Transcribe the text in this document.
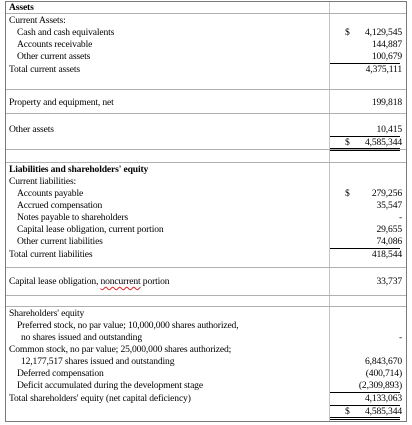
Assets
Current Assets:
Cash and cash equivalents	$ 4,129,545
Accounts receivable	144,887
Other current assets	100,679
Total current assets	4,375,111
Property and equipment, net	199,818
Other assets	10,415
$ 4,585,344
Liabilities and shareholders' equity
Current liabilities:
Accounts payable	$ 279,256
Accrued compensation	35,547
Notes payable to shareholders	-
Capital lease obligation, current portion	29,655
Other current liabilities	74,086
Total current liabilities	418,544
Capital lease obligation, noncurrent portion	33,737
Shareholders' equity
Preferred stock, no par value; 10,000,000 shares authorized,
no shares issued and outstanding	-
Common stock, no par value; 25,000,000 shares authorized;
12,177,517 shares issued and outstanding	6,843,670
Deferred compensation	(400,714)
Deficit accumulated during the development stage	(2,309,893)
Total shareholders' equity (net capital deficiency)	4,133,063
$ 4,585,344
